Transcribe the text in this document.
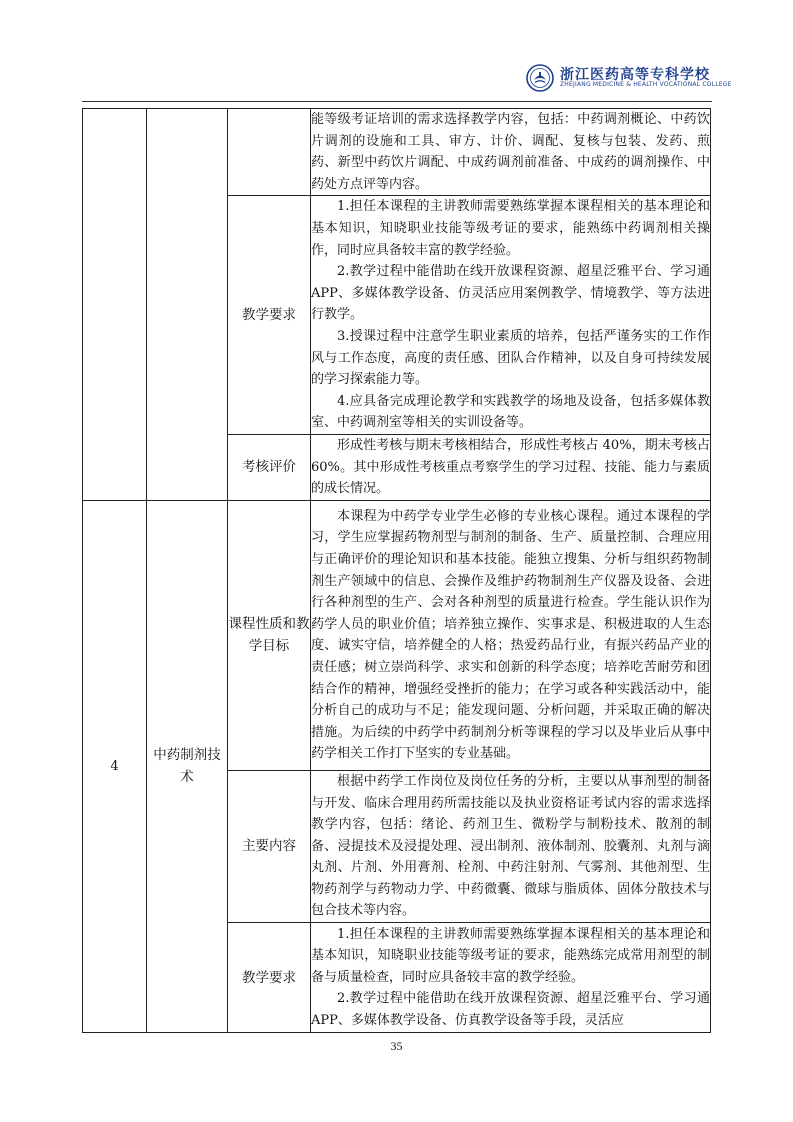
浙江医药高等专科学校
ZHEJIANG MEDICINE & HEALTH VOCATIONAL COLLEGE

			能等级考证培训的需求选择教学内容，包括：中药调剂概论、中药饮片调剂的设施和工具、审方、计价、调配、复核与包装、发药、煎药、新型中药饮片调配、中成药调剂前准备、中成药的调剂操作、中药处方点评等内容。

		教学要求	1.担任本课程的主讲教师需要熟练掌握本课程相关的基本理论和基本知识，知晓职业技能等级考证的要求，能熟练中药调剂相关操作，同时应具备较丰富的教学经验。

2.教学过程中能借助在线开放课程资源、超星泛雅平台、学习通 APP、多媒体教学设备、仿灵活应用案例教学、情境教学、等方法进行教学。

3.授课过程中注意学生职业素质的培养，包括严谨务实的工作作风与工作态度，高度的责任感、团队合作精神，以及自身可持续发展的学习探索能力等。

4.应具备完成理论教学和实践教学的场地及设备，包括多媒体教室、中药调剂室等相关的实训设备等。

		考核评价	形成性考核与期末考核相结合，形成性考核占 40%，期末考核占 60%。其中形成性考核重点考察学生的学习过程、技能、能力与素质的成长情况。

4	中药制剂技术	课程性质和教学目标	本课程为中药学专业学生必修的专业核心课程。通过本课程的学习，学生应掌握药物剂型与制剂的制备、生产、质量控制、合理应用与正确评价的理论知识和基本技能。能独立搜集、分析与组织药物制剂生产领域中的信息、会操作及维护药物制剂生产仪器及设备、会进行各种剂型的生产、会对各种剂型的质量进行检查。学生能认识作为药学人员的职业价值；培养独立操作、实事求是、积极进取的人生态度、诚实守信，培养健全的人格；热爱药品行业，有振兴药品产业的责任感；树立崇尚科学、求实和创新的科学态度；培养吃苦耐劳和团结合作的精神，增强经受挫折的能力；在学习或各种实践活动中，能分析自己的成功与不足；能发现问题、分析问题，并采取正确的解决措施。为后续的中药学中药制剂分析等课程的学习以及毕业后从事中药学相关工作打下坚实的专业基础。

		主要内容	根据中药学工作岗位及岗位任务的分析，主要以从事剂型的制备与开发、临床合理用药所需技能以及执业资格证考试内容的需求选择教学内容，包括：绪论、药剂卫生、微粉学与制粉技术、散剂的制备、浸提技术及浸提处理、浸出制剂、液体制剂、胶囊剂、丸剂与滴丸剂、片剂、外用膏剂、栓剂、中药注射剂、气雾剂、其他剂型、生物药剂学与药物动力学、中药微囊、微球与脂质体、固体分散技术与包合技术等内容。

		教学要求	1.担任本课程的主讲教师需要熟练掌握本课程相关的基本理论和基本知识，知晓职业技能等级考证的要求，能熟练完成常用剂型的制备与质量检查，同时应具备较丰富的教学经验。

2.教学过程中能借助在线开放课程资源、超星泛雅平台、学习通 APP、多媒体教学设备、仿真教学设备等手段，灵活应

35
